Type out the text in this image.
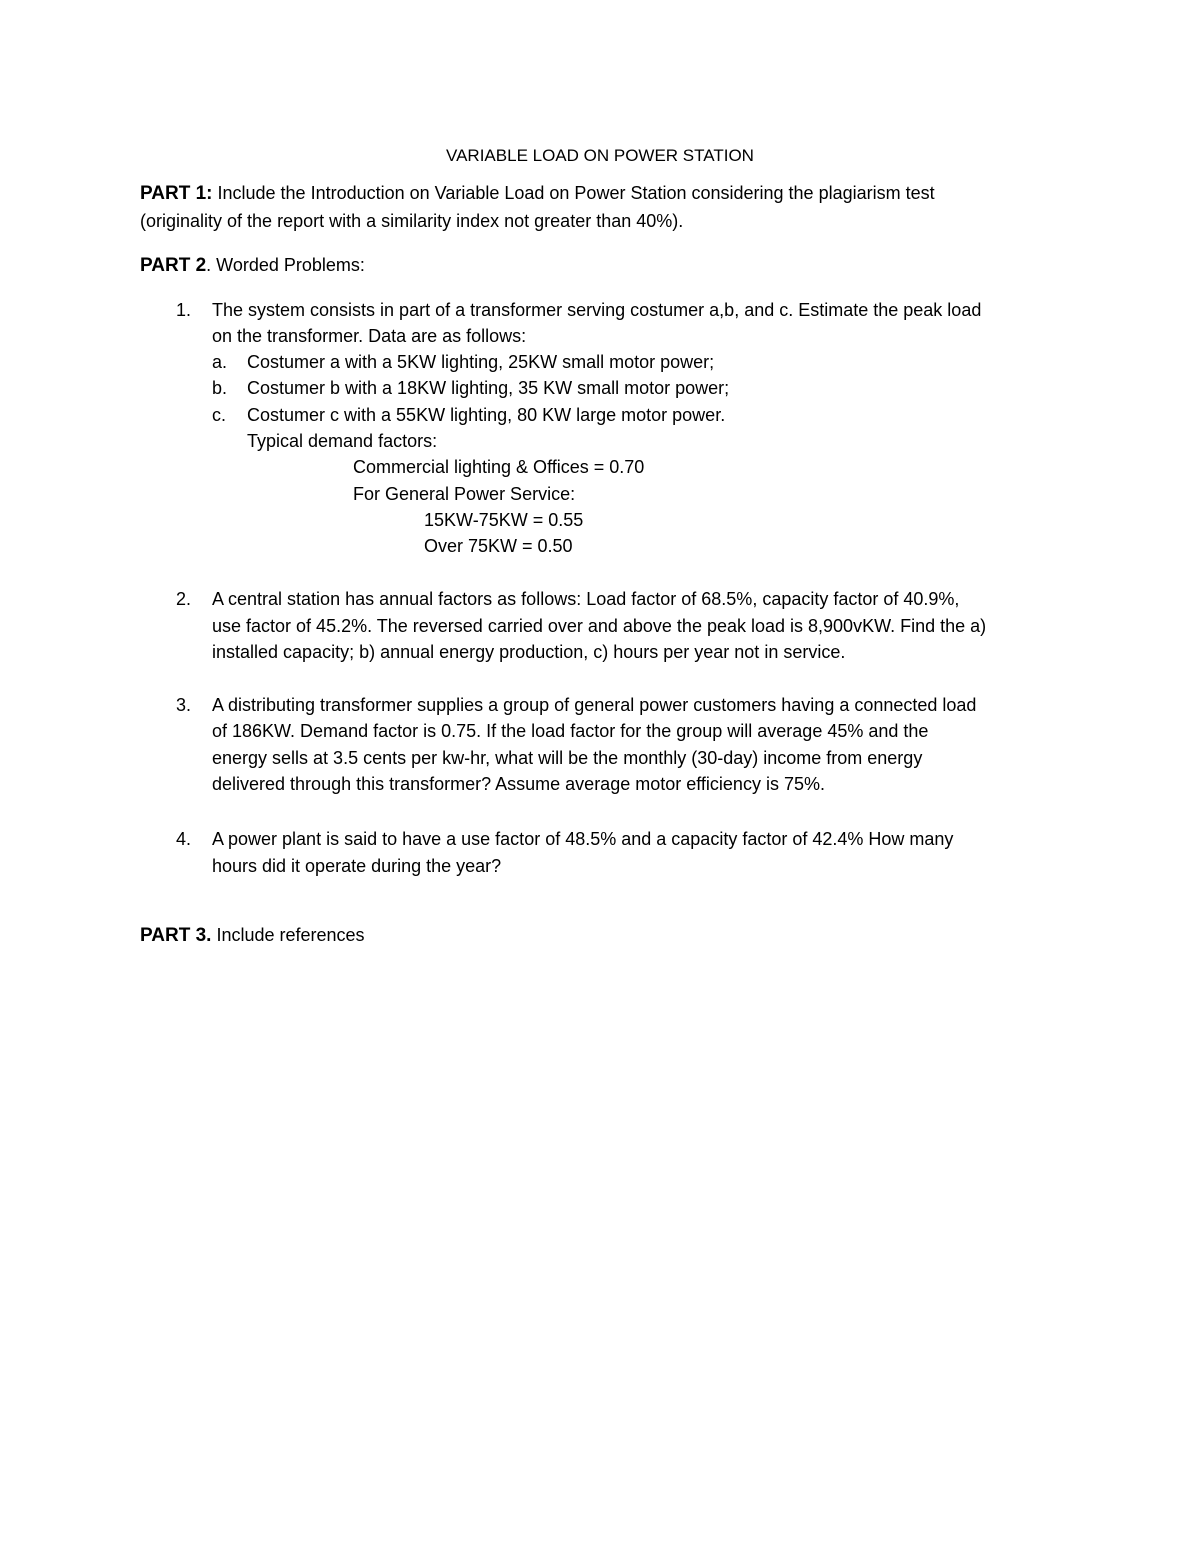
VARIABLE LOAD ON POWER STATION
PART 1: Include the Introduction on Variable Load on Power Station considering the plagiarism test
(originality of the report with a similarity index not greater than 40%).
PART 2. Worded Problems:
1. The system consists in part of a transformer serving costumer a,b, and c. Estimate the peak load
on the transformer. Data are as follows:
a. Costumer a with a 5KW lighting, 25KW small motor power;
b. Costumer b with a 18KW lighting, 35 KW small motor power;
c. Costumer c with a 55KW lighting, 80 KW large motor power.
Typical demand factors:
Commercial lighting & Offices = 0.70
For General Power Service:
15KW-75KW = 0.55
Over 75KW = 0.50
2. A central station has annual factors as follows: Load factor of 68.5%, capacity factor of 40.9%,
use factor of 45.2%. The reversed carried over and above the peak load is 8,900vKW. Find the a)
installed capacity; b) annual energy production, c) hours per year not in service.
3. A distributing transformer supplies a group of general power customers having a connected load
of 186KW. Demand factor is 0.75. If the load factor for the group will average 45% and the
energy sells at 3.5 cents per kw-hr, what will be the monthly (30-day) income from energy
delivered through this transformer? Assume average motor efficiency is 75%.
4. A power plant is said to have a use factor of 48.5% and a capacity factor of 42.4% How many
hours did it operate during the year?
PART 3. Include references
